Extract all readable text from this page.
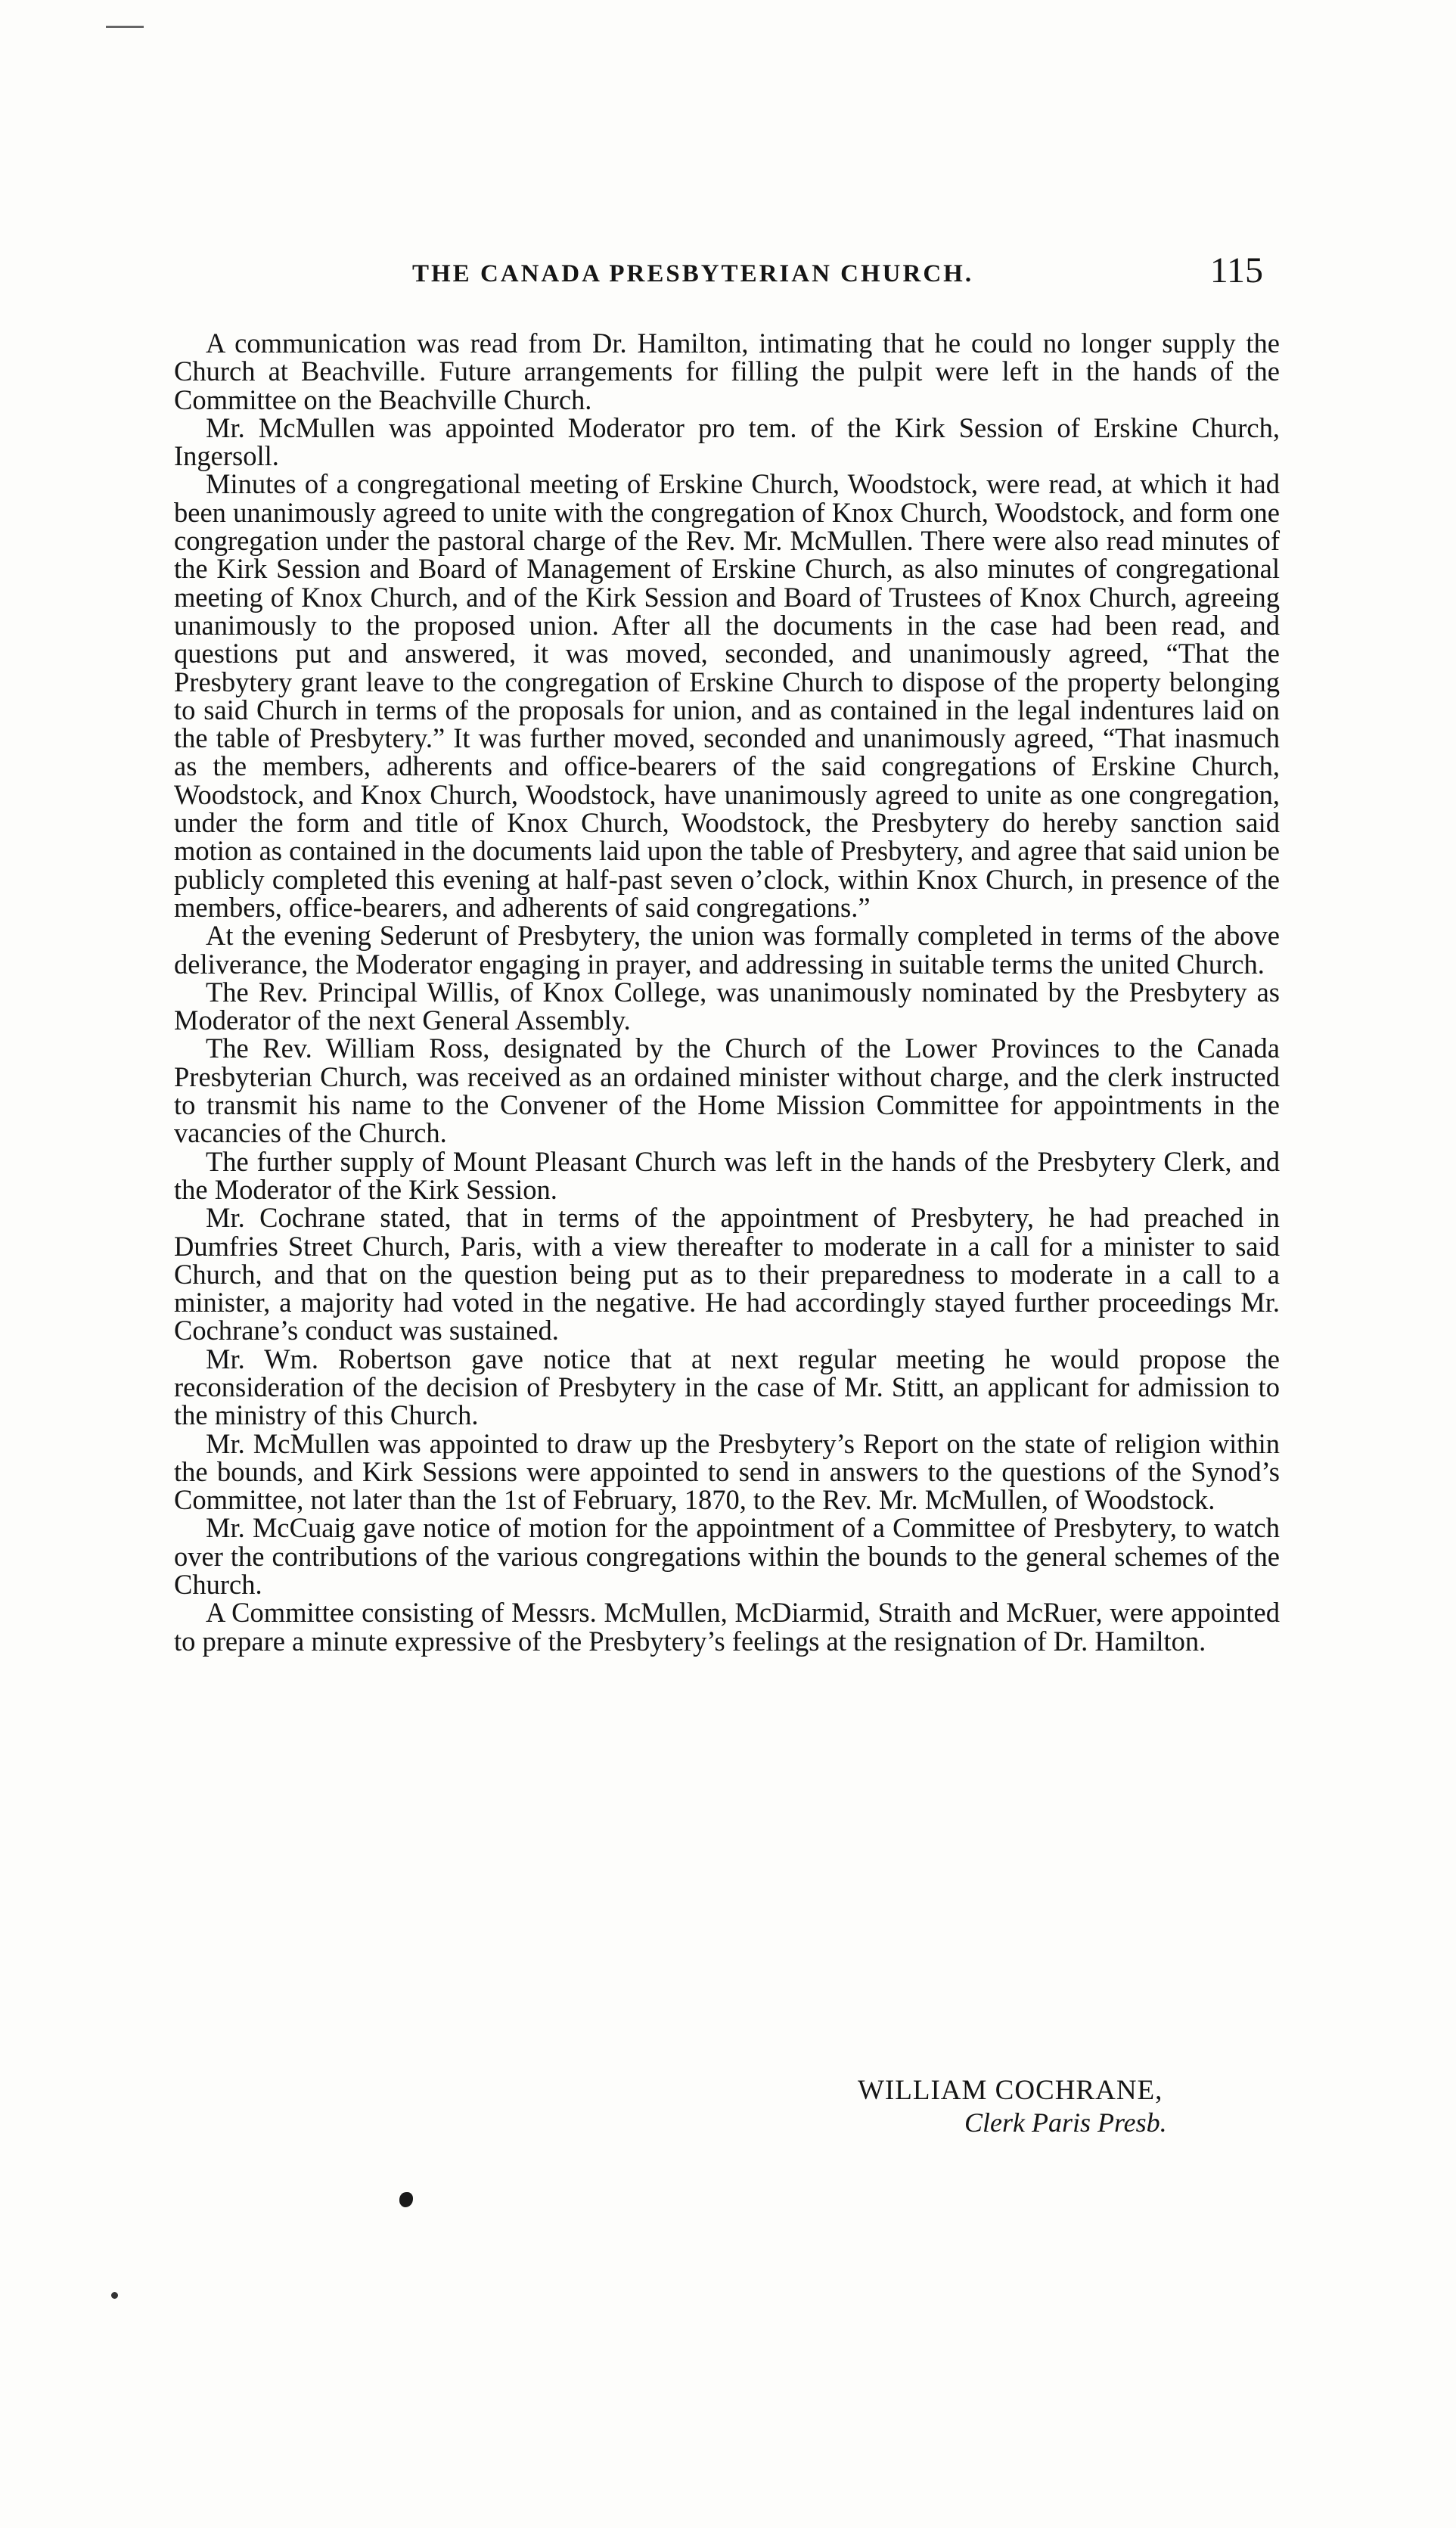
THE CANADA PRESBYTERIAN CHURCH.	115

A communication was read from Dr. Hamilton, intimating that he could no longer supply the Church at Beachville. Future arrangements for filling the pulpit were left in the hands of the Committee on the Beachville Church.

Mr. McMullen was appointed Moderator pro tem. of the Kirk Session of Erskine Church, Ingersoll.

Minutes of a congregational meeting of Erskine Church, Woodstock, were read, at which it had been unanimously agreed to unite with the congregation of Knox Church, Woodstock, and form one congregation under the pastoral charge of the Rev. Mr. McMullen. There were also read minutes of the Kirk Session and Board of Management of Erskine Church, as also minutes of congregational meeting of Knox Church, and of the Kirk Session and Board of Trustees of Knox Church, agreeing unanimously to the proposed union. After all the documents in the case had been read, and questions put and answered, it was moved, seconded, and unanimously agreed, “That the Presbytery grant leave to the congregation of Erskine Church to dispose of the property belonging to said Church in terms of the proposals for union, and as contained in the legal indentures laid on the table of Presbytery.” It was further moved, seconded and unanimously agreed, “That inasmuch as the members, adherents and office-bearers of the said congregations of Erskine Church, Woodstock, and Knox Church, Woodstock, have unanimously agreed to unite as one congregation, under the form and title of Knox Church, Woodstock, the Presbytery do hereby sanction said motion as contained in the documents laid upon the table of Presbytery, and agree that said union be publicly completed this evening at half-past seven o’clock, within Knox Church, in presence of the members, office-bearers, and adherents of said congregations.”

At the evening Sederunt of Presbytery, the union was formally completed in terms of the above deliverance, the Moderator engaging in prayer, and addressing in suitable terms the united Church.

The Rev. Principal Willis, of Knox College, was unanimously nominated by the Presbytery as Moderator of the next General Assembly.

The Rev. William Ross, designated by the Church of the Lower Provinces to the Canada Presbyterian Church, was received as an ordained minister without charge, and the clerk instructed to transmit his name to the Convener of the Home Mission Committee for appointments in the vacancies of the Church.

The further supply of Mount Pleasant Church was left in the hands of the Presbytery Clerk, and the Moderator of the Kirk Session.

Mr. Cochrane stated, that in terms of the appointment of Presbytery, he had preached in Dumfries Street Church, Paris, with a view thereafter to moderate in a call for a minister to said Church, and that on the question being put as to their preparedness to moderate in a call to a minister, a majority had voted in the negative. He had accordingly stayed further proceedings Mr. Cochrane’s conduct was sustained.

Mr. Wm. Robertson gave notice that at next regular meeting he would propose the reconsideration of the decision of Presbytery in the case of Mr. Stitt, an applicant for admission to the ministry of this Church.

Mr. McMullen was appointed to draw up the Presbytery’s Report on the state of religion within the bounds, and Kirk Sessions were appointed to send in answers to the questions of the Synod’s Committee, not later than the 1st of February, 1870, to the Rev. Mr. McMullen, of Woodstock.

Mr. McCuaig gave notice of motion for the appointment of a Committee of Presbytery, to watch over the contributions of the various congregations within the bounds to the general schemes of the Church.

A Committee consisting of Messrs. McMullen, McDiarmid, Straith and McRuer, were appointed to prepare a minute expressive of the Presbytery’s feelings at the resignation of Dr. Hamilton.

WILLIAM COCHRANE,
Clerk Paris Presb.
